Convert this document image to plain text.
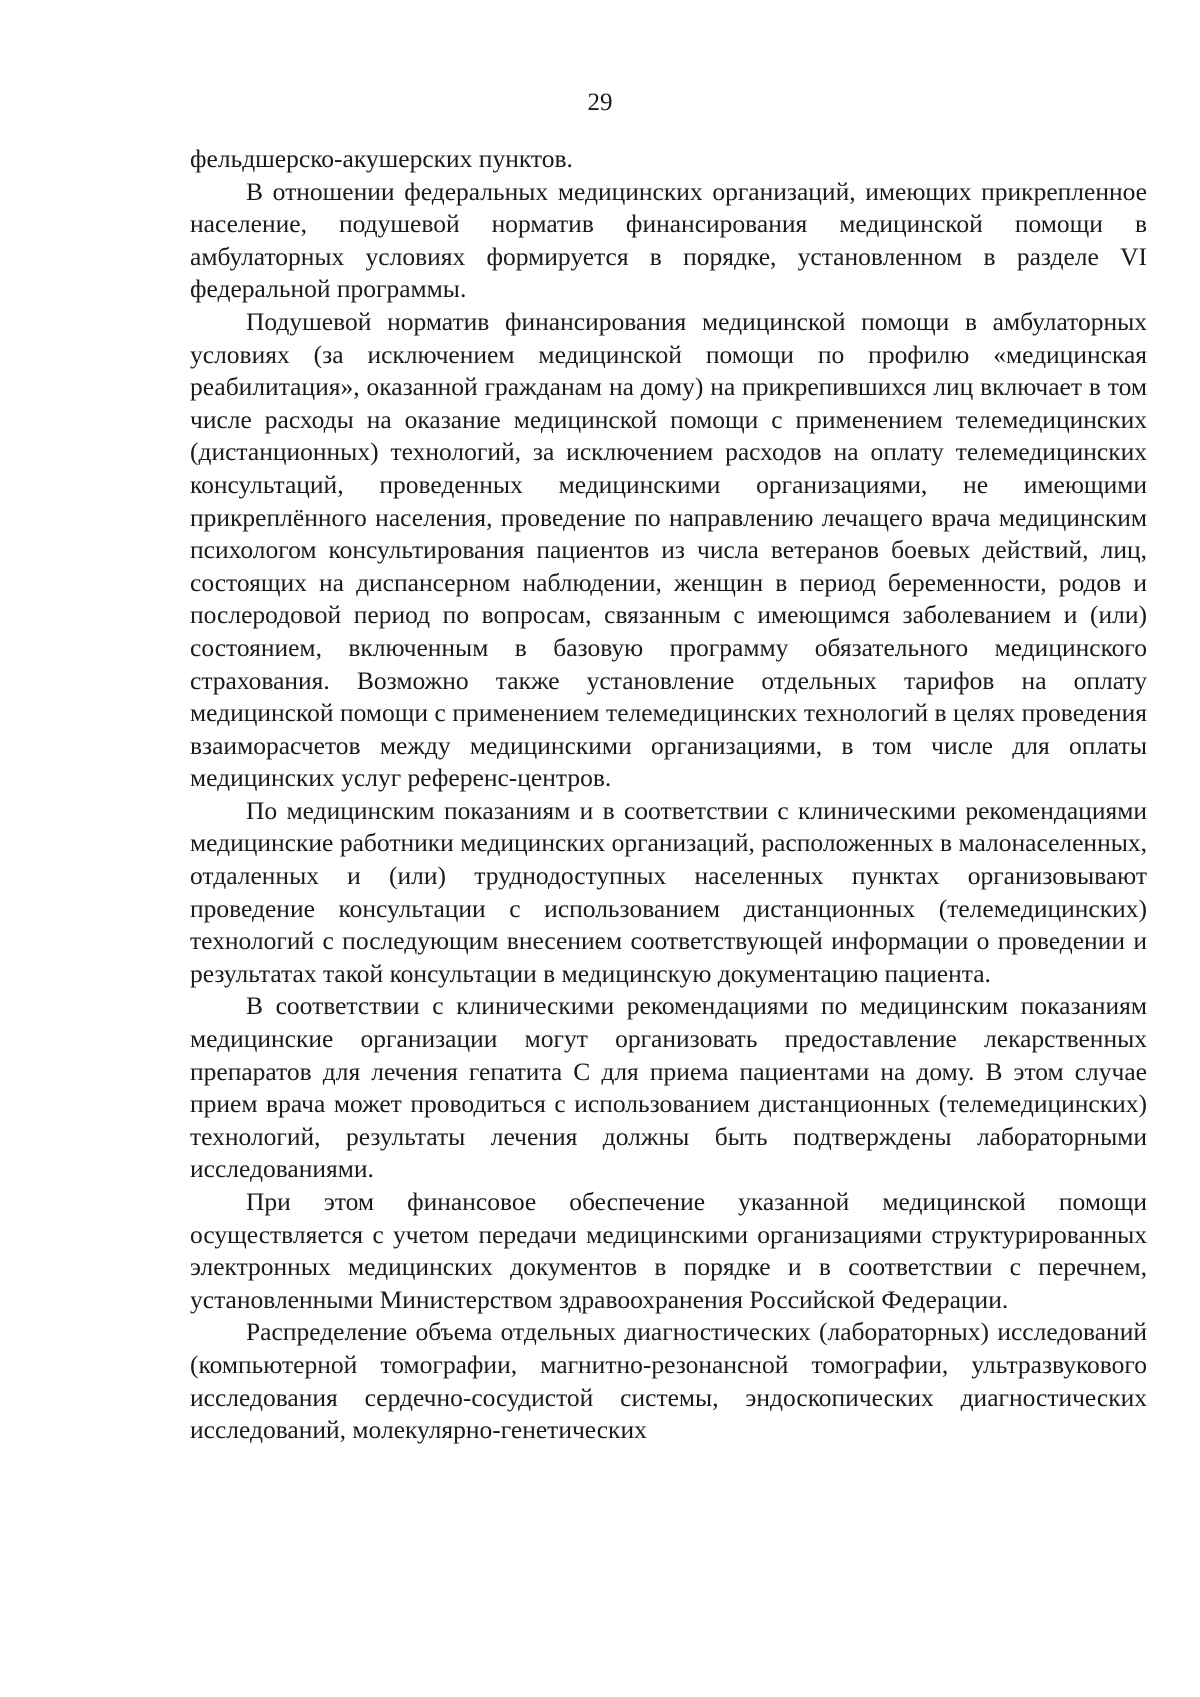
29

фельдшерско-акушерских пунктов.

В отношении федеральных медицинских организаций, имеющих прикрепленное население, подушевой норматив финансирования медицинской помощи в амбулаторных условиях формируется в порядке, установленном в разделе VI федеральной программы.

Подушевой норматив финансирования медицинской помощи в амбулаторных условиях (за исключением медицинской помощи по профилю «медицинская реабилитация», оказанной гражданам на дому) на прикрепившихся лиц включает в том числе расходы на оказание медицинской помощи с применением телемедицинских (дистанционных) технологий, за исключением расходов на оплату телемедицинских консультаций, проведенных медицинскими организациями, не имеющими прикреплённого населения, проведение по направлению лечащего врача медицинским психологом консультирования пациентов из числа ветеранов боевых действий, лиц, состоящих на диспансерном наблюдении, женщин в период беременности, родов и послеродовой период по вопросам, связанным с имеющимся заболеванием и (или) состоянием, включенным в базовую программу обязательного медицинского страхования. Возможно также установление отдельных тарифов на оплату медицинской помощи с применением телемедицинских технологий в целях проведения взаиморасчетов между медицинскими организациями, в том числе для оплаты медицинских услуг референс-центров.

По медицинским показаниям и в соответствии с клиническими рекомендациями медицинские работники медицинских организаций, расположенных в малонаселенных, отдаленных и (или) труднодоступных населенных пунктах организовывают проведение консультации с использованием дистанционных (телемедицинских) технологий с последующим внесением соответствующей информации о проведении и результатах такой консультации в медицинскую документацию пациента.

В соответствии с клиническими рекомендациями по медицинским показаниям медицинские организации могут организовать предоставление лекарственных препаратов для лечения гепатита С для приема пациентами на дому. В этом случае прием врача может проводиться с использованием дистанционных (телемедицинских) технологий, результаты лечения должны быть подтверждены лабораторными исследованиями.

При этом финансовое обеспечение указанной медицинской помощи осуществляется с учетом передачи медицинскими организациями структурированных электронных медицинских документов в порядке и в соответствии с перечнем, установленными Министерством здравоохранения Российской Федерации.

Распределение объема отдельных диагностических (лабораторных) исследований (компьютерной томографии, магнитно-резонансной томографии, ультразвукового исследования сердечно-сосудистой системы, эндоскопических диагностических исследований, молекулярно-генетических
